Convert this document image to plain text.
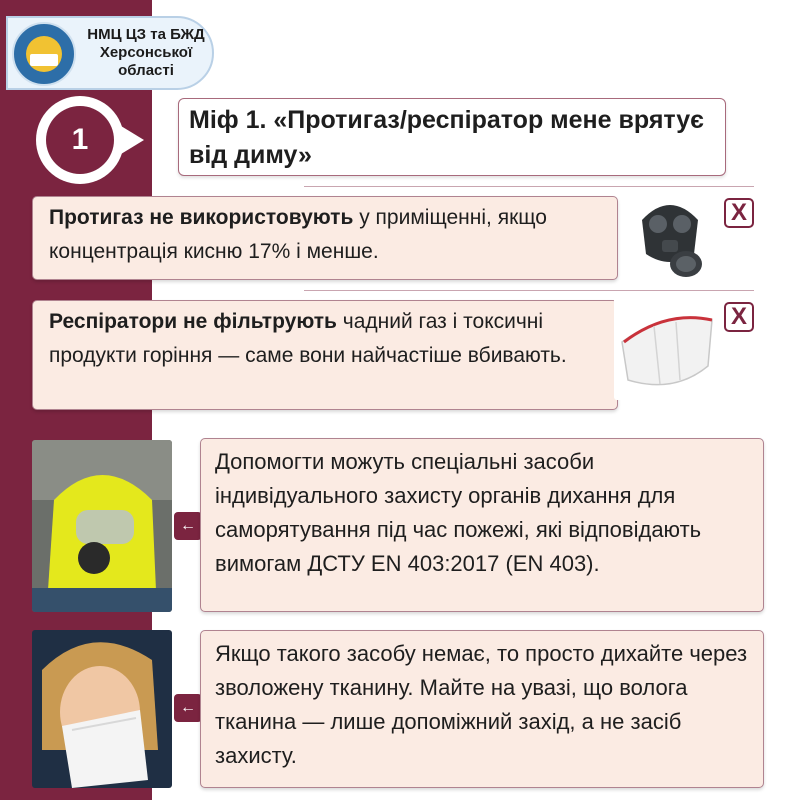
НМЦ ЦЗ та БЖД
Херсонської
області
1
Міф 1. «Протигаз/респіратор мене врятує від диму»
Протигаз не використовують у приміщенні, якщо концентрація кисню 17% і менше.
X
Респіратори не фільтрують чадний газ і токсичні продукти горіння — саме вони найчастіше вбивають.
X
←
Допомогти можуть спеціальні засоби індивідуального захисту органів дихання для саморятування під час пожежі, які відповідають вимогам ДСТУ EN 403:2017 (EN 403).
←
Якщо такого засобу немає, то просто дихайте через зволожену тканину. Майте на увазі, що волога тканина — лише допоміжний захід, а не засіб захисту.
